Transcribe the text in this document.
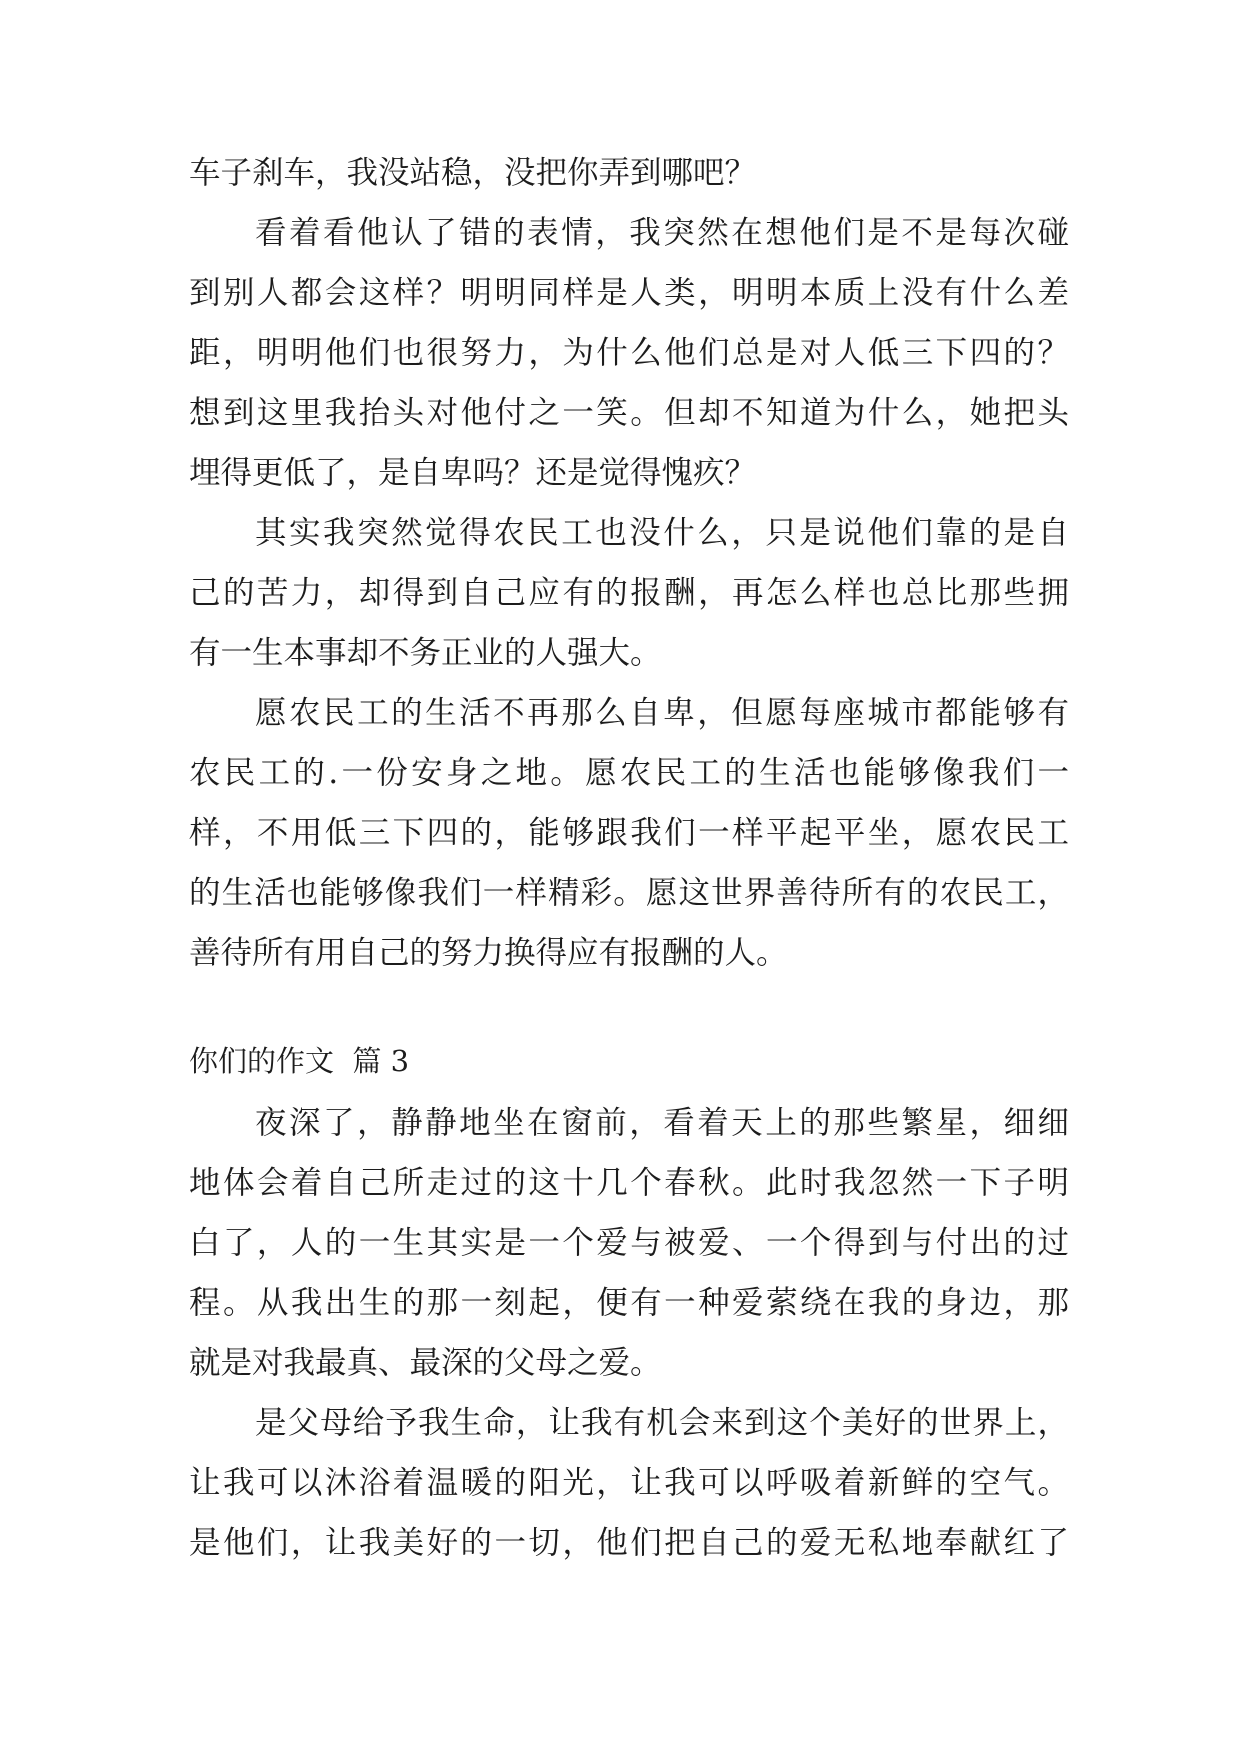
车子刹车，我没站稳，没把你弄到哪吧？
看着看他认了错的表情，我突然在想他们是不是每次碰
到别人都会这样？明明同样是人类，明明本质上没有什么差
距，明明他们也很努力，为什么他们总是对人低三下四的？
想到这里我抬头对他付之一笑。但却不知道为什么，她把头
埋得更低了，是自卑吗？还是觉得愧疚？
其实我突然觉得农民工也没什么，只是说他们靠的是自
己的苦力，却得到自己应有的报酬，再怎么样也总比那些拥
有一生本事却不务正业的人强大。
愿农民工的生活不再那么自卑，但愿每座城市都能够有
农民工的.一份安身之地。愿农民工的生活也能够像我们一
样，不用低三下四的，能够跟我们一样平起平坐，愿农民工
的生活也能够像我们一样精彩。愿这世界善待所有的农民工，
善待所有用自己的努力换得应有报酬的人。
你们的作文  篇 3
夜深了，静静地坐在窗前，看着天上的那些繁星，细细
地体会着自己所走过的这十几个春秋。此时我忽然一下子明
白了，人的一生其实是一个爱与被爱、一个得到与付出的过
程。从我出生的那一刻起，便有一种爱萦绕在我的身边，那
就是对我最真、最深的父母之爱。
是父母给予我生命，让我有机会来到这个美好的世界上，
让我可以沐浴着温暖的阳光，让我可以呼吸着新鲜的空气。
是他们，让我美好的一切，他们把自己的爱无私地奉献红了
